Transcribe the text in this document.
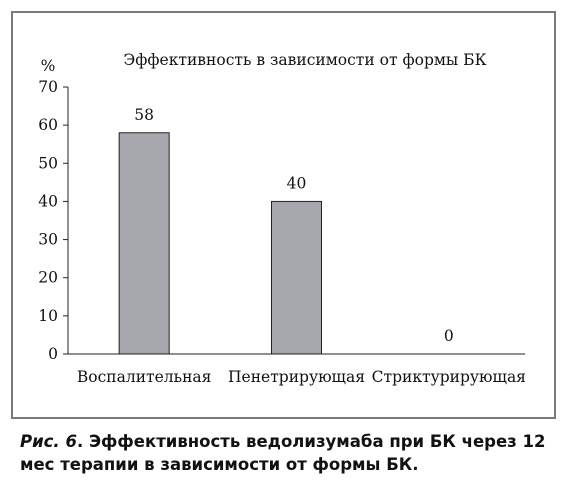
Эффективность в зависимости от формы БК
%
0
10
20
30
40
50
60
70
58
40
0
Воспалительная Пенетрирующая Стриктурирующая
Рис. 6. Эффективность ведолизумаба при БК через 12 мес терапии в зависимости от формы БК.
